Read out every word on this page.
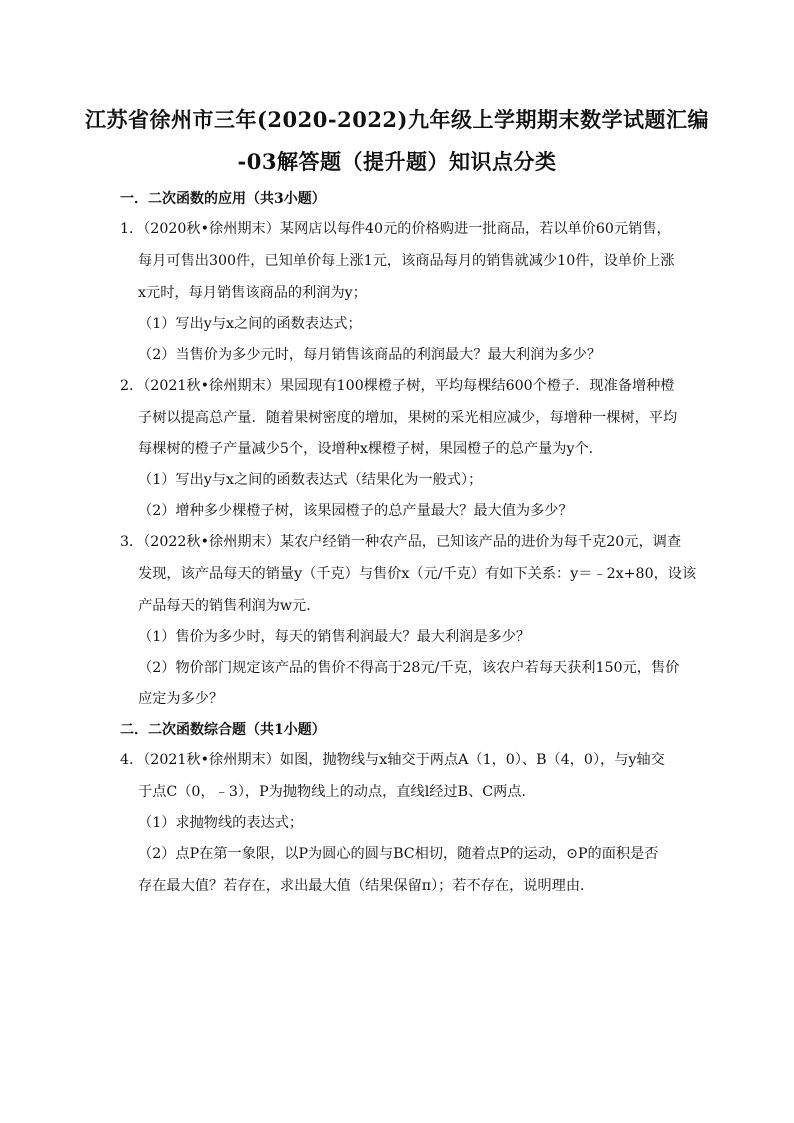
江苏省徐州市三年(2020-2022)九年级上学期期末数学试题汇编
-03解答题（提升题）知识点分类
一．二次函数的应用（共3小题）
1．（2020秋•徐州期末）某网店以每件40元的价格购进一批商品，若以单价60元销售，
每月可售出300件，已知单价每上涨1元，该商品每月的销售就减少10件，设单价上涨
x元时，每月销售该商品的利润为y；
（1）写出y与x之间的函数表达式；
（2）当售价为多少元时，每月销售该商品的利润最大？最大利润为多少？
2．（2021秋•徐州期末）果园现有100棵橙子树，平均每棵结600个橙子．现准备增种橙
子树以提高总产量．随着果树密度的增加，果树的采光相应减少，每增种一棵树，平均
每棵树的橙子产量减少5个，设增种x棵橙子树，果园橙子的总产量为y个．
（1）写出y与x之间的函数表达式（结果化为一般式）；
（2）增种多少棵橙子树，该果园橙子的总产量最大？最大值为多少？
3．（2022秋•徐州期末）某农户经销一种农产品，已知该产品的进价为每千克20元，调查
发现，该产品每天的销量y（千克）与售价x（元/千克）有如下关系：y＝﹣2x+80，设该
产品每天的销售利润为w元．
（1）售价为多少时，每天的销售利润最大？最大利润是多少？
（2）物价部门规定该产品的售价不得高于28元/千克，该农户若每天获利150元，售价
应定为多少？
二．二次函数综合题（共1小题）
4．（2021秋•徐州期末）如图，抛物线与x轴交于两点A（1，0）、B（4，0），与y轴交
于点C（0，﹣3），P为抛物线上的动点，直线l经过B、C两点．
（1）求抛物线的表达式；
（2）点P在第一象限，以P为圆心的圆与BC相切，随着点P的运动，⊙P的面积是否
存在最大值？若存在，求出最大值（结果保留π）；若不存在，说明理由．
